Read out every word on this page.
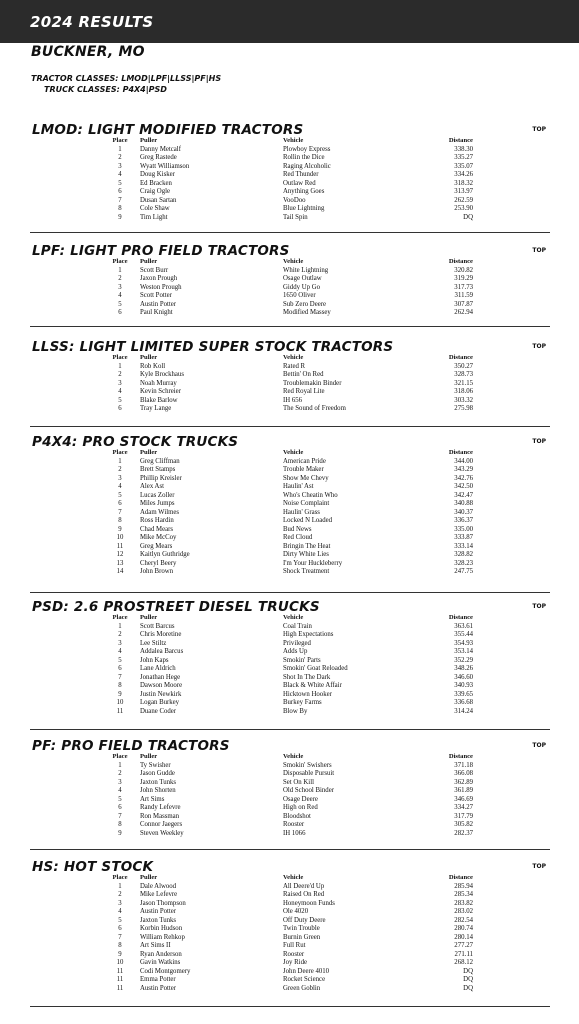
2024 RESULTS
BUCKNER, MO
TRACTOR CLASSES: LMOD|LPF|LLSS|PF|HS
TRUCK CLASSES: P4X4|PSD
LMOD: LIGHT MODIFIED TRACTORS	TOP
Place	Puller	Vehicle	Distance
1	Danny Metcalf	Plowboy Express	338.30
2	Greg Rastede	Rollin the Dice	335.27
3	Wyatt Williamson	Raging Alcoholic	335.07
4	Doug Kisker	Red Thunder	334.26
5	Ed Bracken	Outlaw Red	318.32
6	Craig Ogle	Anything Goes	313.97
7	Dusan Sartan	VooDoo	262.59
8	Cole Shaw	Blue Lightning	253.90
9	Tim Light	Tail Spin	DQ
LPF: LIGHT PRO FIELD TRACTORS	TOP
Place	Puller	Vehicle	Distance
1	Scott Burr	White Lightning	320.82
2	Jaxon Prough	Osage Outlaw	319.29
3	Weston Prough	Giddy Up Go	317.73
4	Scott Potter	1650 Oliver	311.59
5	Austin Potter	Sub Zero Deere	307.87
6	Paul Knight	Modified Massey	262.94
LLSS: LIGHT LIMITED SUPER STOCK TRACTORS	TOP
Place	Puller	Vehicle	Distance
1	Rob Koll	Rated R	350.27
2	Kyle Brockhaus	Bettin' On Red	328.73
3	Noah Murray	Troublemakin Binder	321.15
4	Kevin Schreier	Red Royal Lite	318.06
5	Blake Barlow	IH 656	303.32
6	Tray Lange	The Sound of Freedom	275.98
P4X4: PRO STOCK TRUCKS	TOP
Place	Puller	Vehicle	Distance
1	Greg Cliffman	American Pride	344.00
2	Brett Stamps	Trouble Maker	343.29
3	Phillip Kreisler	Show Me Chevy	342.76
4	Alex Ast	Haulin' Ast	342.50
5	Lucas Zoller	Who's Cheatin Who	342.47
6	Miles Jumps	Noise Complaint	340.88
7	Adam Wilmes	Haulin' Grass	340.37
8	Ross Hardin	Locked N Loaded	336.37
9	Chad Mears	Bud News	335.00
10	Mike McCoy	Red Cloud	333.87
11	Greg Mears	Bringin The Heat	333.14
12	Kaitlyn Guthridge	Dirty White Lies	328.82
13	Cheryl Beery	I'm Your Huckleberry	328.23
14	John Brown	Shock Treatment	247.75
PSD: 2.6 PROSTREET DIESEL TRUCKS	TOP
Place	Puller	Vehicle	Distance
1	Scott Barcus	Coal Train	363.61
2	Chris Moretine	High Expectations	355.44
3	Lee Stiltz	Privileged	354.93
4	Addalea Barcus	Adds Up	353.14
5	John Kaps	Smokin' Parts	352.29
6	Lane Aldrich	Smokin' Goat Reloaded	348.26
7	Jonathan Hege	Shot In The Dark	346.60
8	Dawson Moore	Black & White Affair	340.93
9	Justin Newkirk	Hicktown Hooker	339.65
10	Logan Burkey	Burkey Farms	336.68
11	Duane Coder	Blow By	314.24
PF: PRO FIELD TRACTORS	TOP
Place	Puller	Vehicle	Distance
1	Ty Swisher	Smokin' Swishers	371.18
2	Jason Gudde	Disposable Pursuit	366.08
3	Jaxton Tunks	Set On Kill	362.89
4	John Shorten	Old School Binder	361.89
5	Art Sims	Osage Deere	346.69
6	Randy Lefevre	High on Red	334.27
7	Ron Massman	Bloodshot	317.79
8	Connor Jaegers	Rooster	305.82
9	Steven Weekley	IH 1066	282.37
HS: HOT STOCK	TOP
Place	Puller	Vehicle	Distance
1	Dale Alwood	All Deere'd Up	285.94
2	Mike Lefevre	Raised On Red	285.34
3	Jason Thompson	Honeymoon Funds	283.82
4	Austin Potter	Ole 4020	283.02
5	Jaxton Tunks	Off Duty Deere	282.54
6	Korbin Hudson	Twin Trouble	280.74
7	William Rehkop	Burnin Green	280.14
8	Art Sims II	Full Rut	277.27
9	Ryan Anderson	Rooster	271.11
10	Gavin Watkins	Joy Ride	268.12
11	Codi Montgomery	John Deere 4010	DQ
11	Emma Potter	Rocket Science	DQ
11	Austin Potter	Green Goblin	DQ
